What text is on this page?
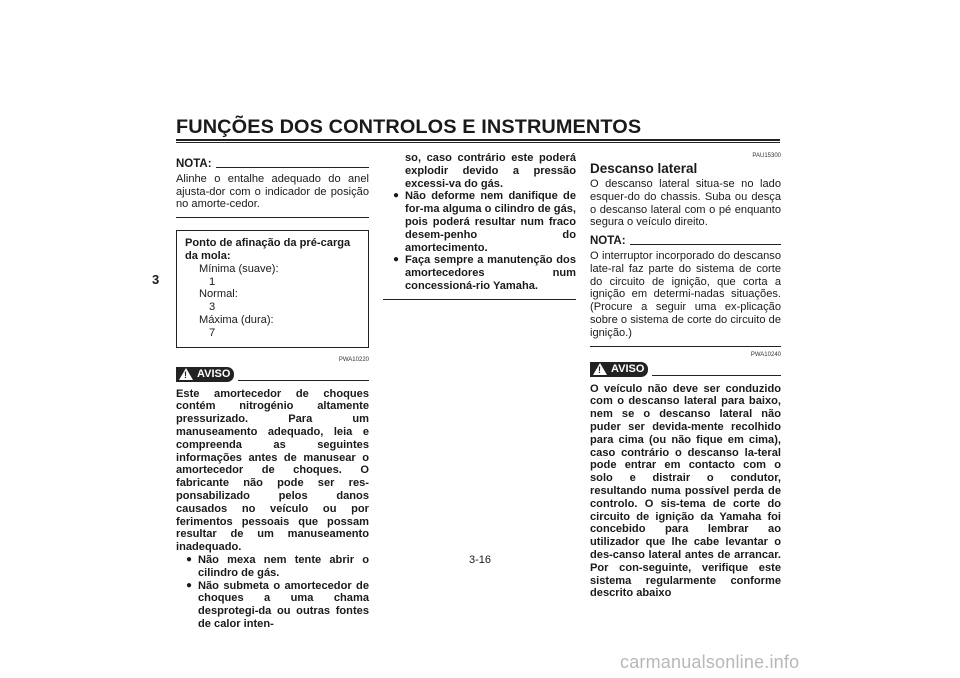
FUNÇÕES DOS CONTROLOS E INSTRUMENTOS
3
NOTA:

Alinhe o entalhe adequado do anel ajusta-dor com o indicador de posição no amorte-cedor.

Ponto de afinação da pré-carga da mola:
Mínima (suave):
1
Normal:
3
Máxima (dura):
7
PWA10220
! AVISO

Este amortecedor de choques contém nitrogénio altamente pressurizado. Para um manuseamento adequado, leia e compreenda as seguintes informações antes de manusear o amortecedor de choques. O fabricante não pode ser res-ponsabilizado pelos danos causados no veículo ou por ferimentos pessoais que possam resultar de um manuseamento inadequado.

● Não mexa nem tente abrir o cilindro de gás.
● Não submeta o amortecedor de choques a uma chama desprotegi-da ou outras fontes de calor inten-

so, caso contrário este poderá explodir devido a pressão excessi-va do gás.

● Não deforme nem danifique de for-ma alguma o cilindro de gás, pois poderá resultar num fraco desem-penho do amortecimento.
● Faça sempre a manutenção dos amortecedores num concessioná-rio Yamaha.
PAU15300
Descanso lateral

O descanso lateral situa-se no lado esquer-do do chassis. Suba ou desça o descanso lateral com o pé enquanto segura o veículo direito.

NOTA:

O interruptor incorporado do descanso late-ral faz parte do sistema de corte do circuito de ignição, que corta a ignição em determi-nadas situações. (Procure a seguir uma ex-plicação sobre o sistema de corte do circuito de ignição.)

PWA10240
! AVISO

O veículo não deve ser conduzido com o descanso lateral para baixo, nem se o descanso lateral não puder ser devida-mente recolhido para cima (ou não fique em cima), caso contrário o descanso la-teral pode entrar em contacto com o solo e distrair o condutor, resultando numa possível perda de controlo. O sis-tema de corte do circuito de ignição da Yamaha foi concebido para lembrar ao utilizador que lhe cabe levantar o des-canso lateral antes de arrancar. Por con-seguinte, verifique este sistema regularmente conforme descrito abaixo

3-16
carmanualsonline.info
